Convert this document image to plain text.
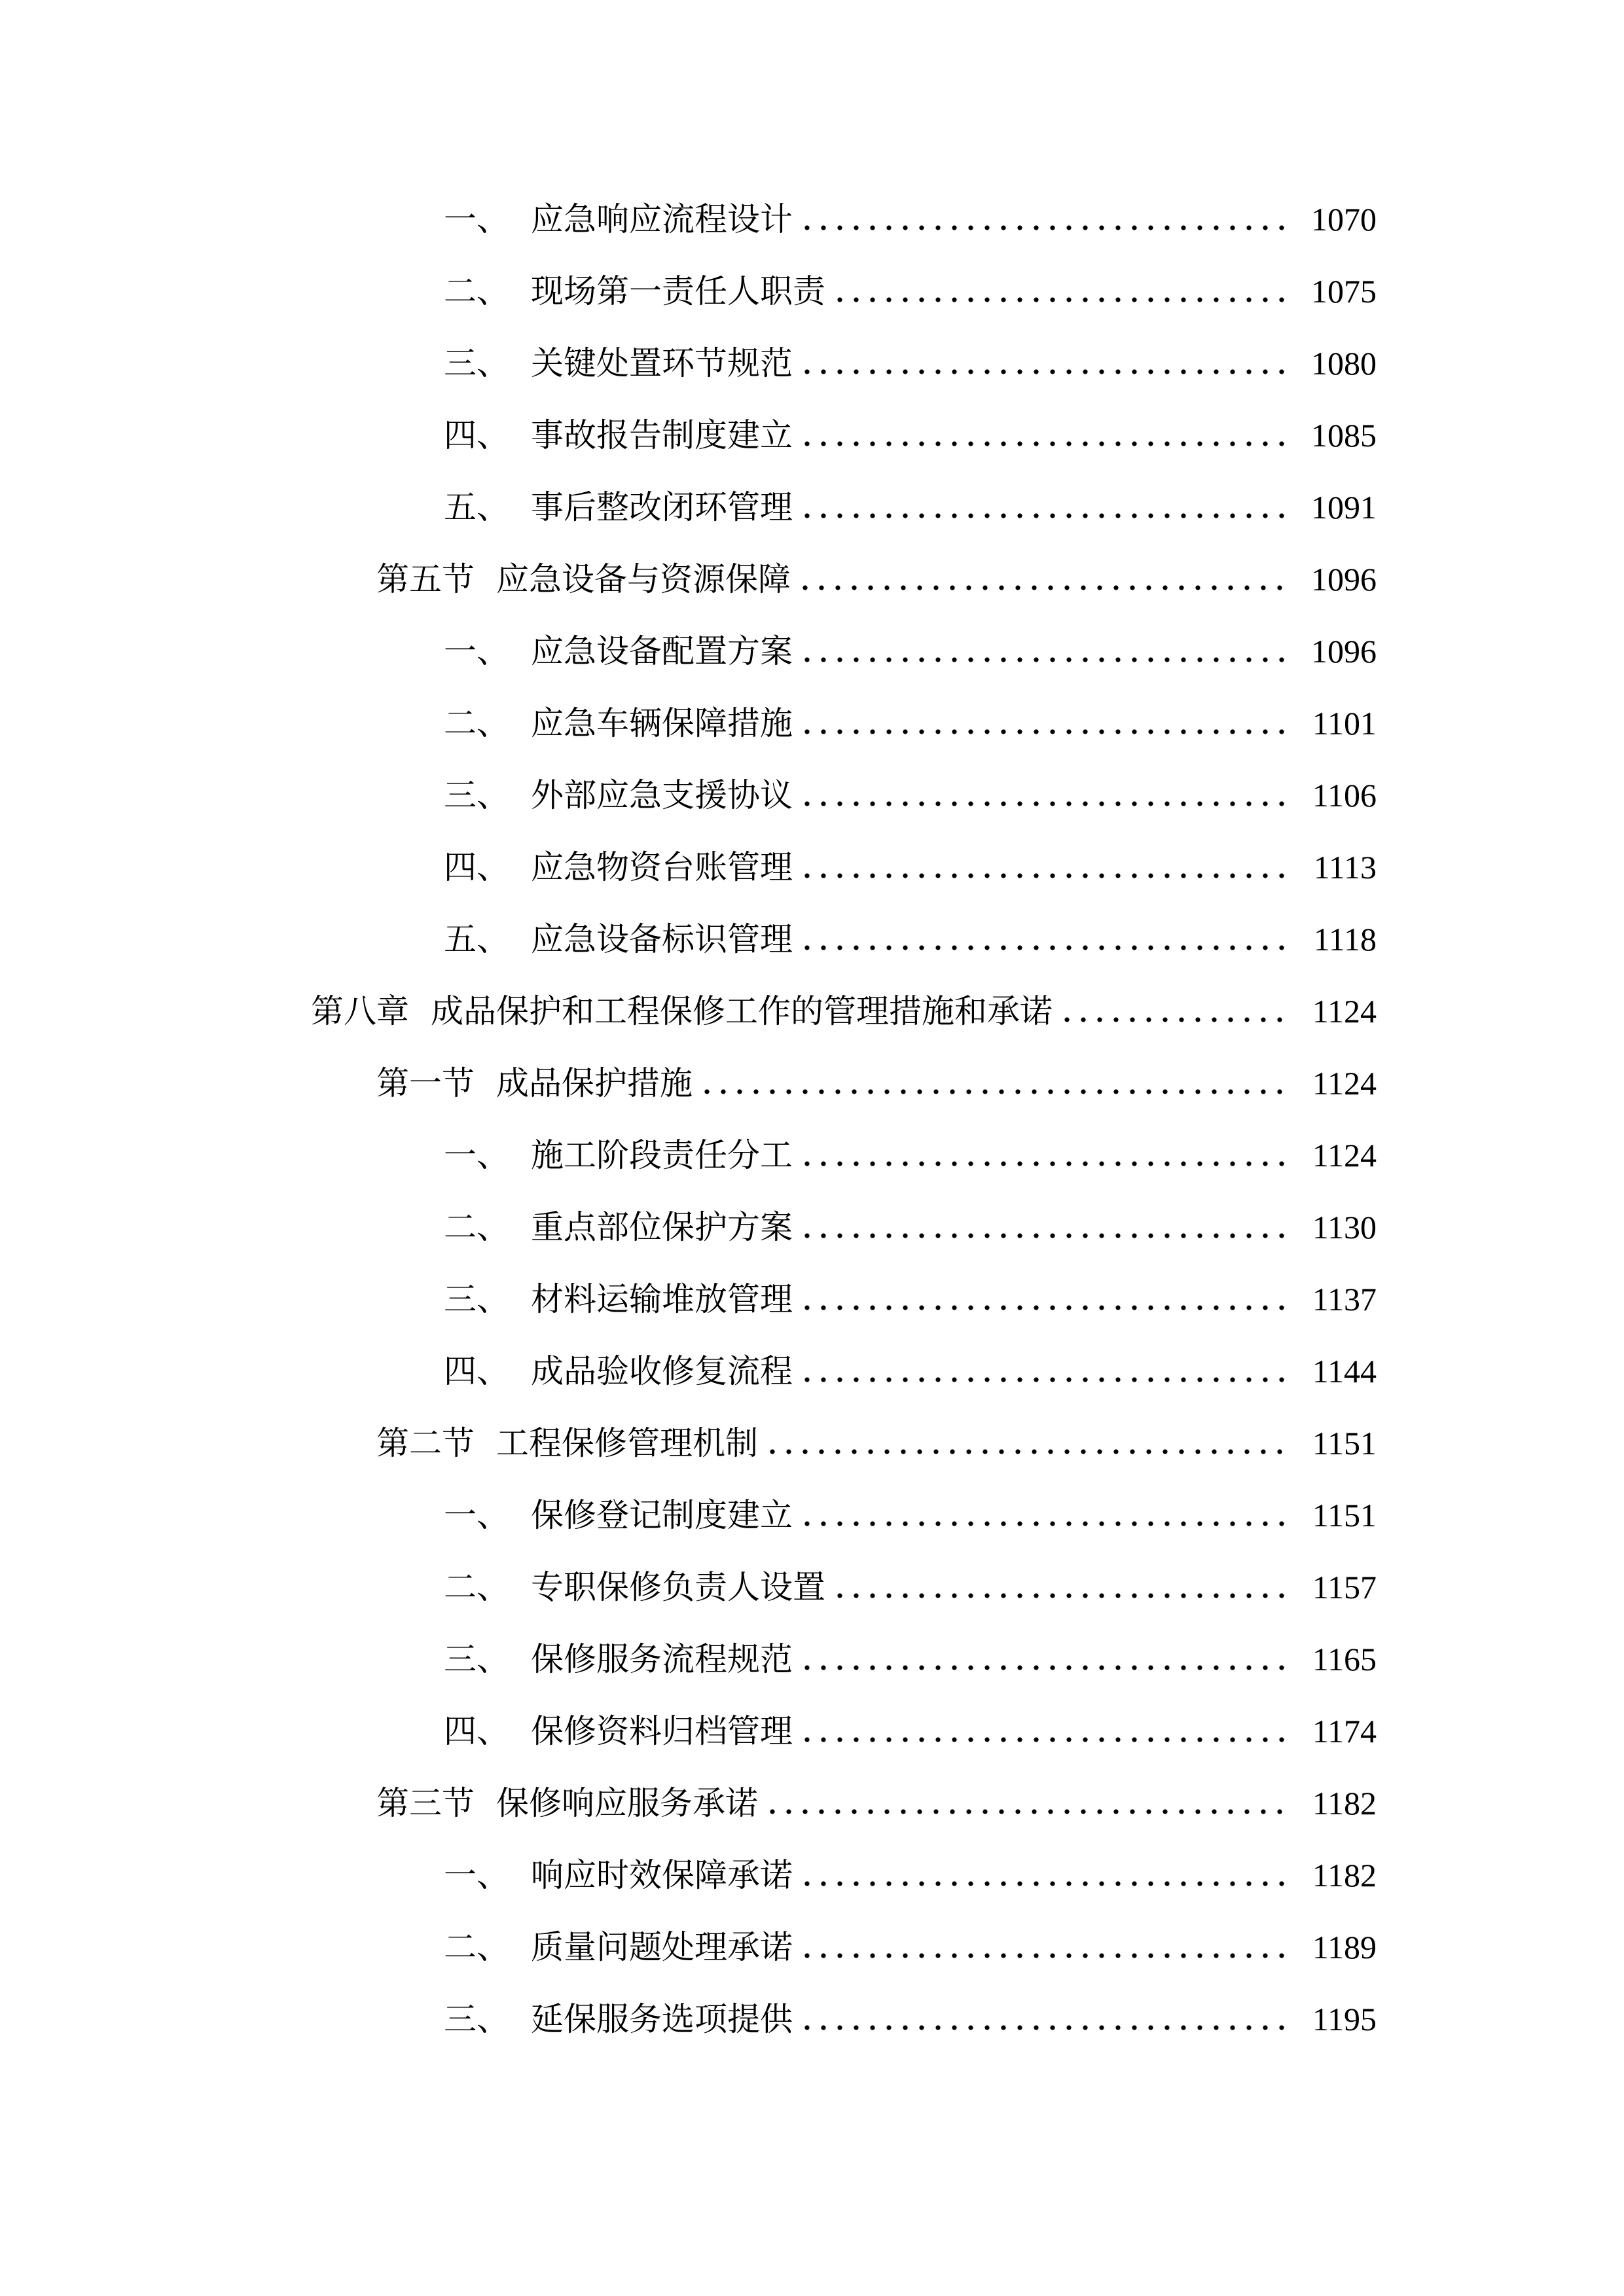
一、 应急响应流程设计	1070
二、 现场第一责任人职责	1075
三、 关键处置环节规范	1080
四、 事故报告制度建立	1085
五、 事后整改闭环管理	1091
第五节 应急设备与资源保障	1096
一、 应急设备配置方案	1096
二、 应急车辆保障措施	1101
三、 外部应急支援协议	1106
四、 应急物资台账管理	1113
五、 应急设备标识管理	1118
第八章 成品保护和工程保修工作的管理措施和承诺	1124
第一节 成品保护措施	1124
一、 施工阶段责任分工	1124
二、 重点部位保护方案	1130
三、 材料运输堆放管理	1137
四、 成品验收修复流程	1144
第二节 工程保修管理机制	1151
一、 保修登记制度建立	1151
二、 专职保修负责人设置	1157
三、 保修服务流程规范	1165
四、 保修资料归档管理	1174
第三节 保修响应服务承诺	1182
一、 响应时效保障承诺	1182
二、 质量问题处理承诺	1189
三、 延保服务选项提供	1195
